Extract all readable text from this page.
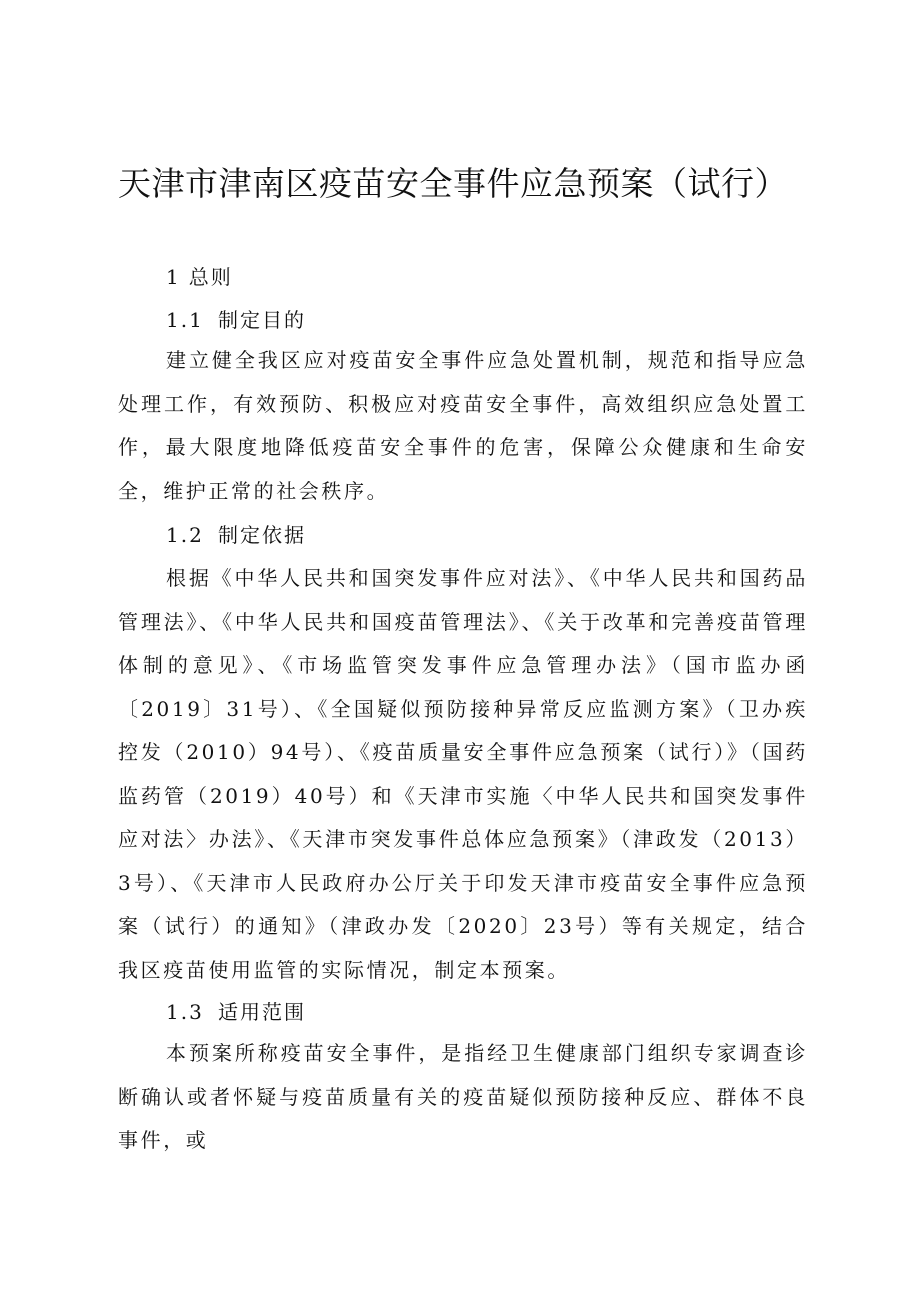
天津市津南区疫苗安全事件应急预案（试行）
1 总则
1.1 制定目的

建立健全我区应对疫苗安全事件应急处置机制，规范和指导应急处理工作，有效预防、积极应对疫苗安全事件，高效组织应急处置工作，最大限度地降低疫苗安全事件的危害，保障公众健康和生命安全，维护正常的社会秩序。

1.2 制定依据

根据《中华人民共和国突发事件应对法》、《中华人民共和国药品管理法》、《中华人民共和国疫苗管理法》、《关于改革和完善疫苗管理体制的意见》、《市场监管突发事件应急管理办法》（国市监办函〔2019〕31号）、《全国疑似预防接种异常反应监测方案》（卫办疾控发（2010）94号）、《疫苗质量安全事件应急预案（试行）》（国药监药管（2019）40号）和《天津市实施〈中华人民共和国突发事件应对法〉办法》、《天津市突发事件总体应急预案》（津政发（2013）3号）、《天津市人民政府办公厅关于印发天津市疫苗安全事件应急预案（试行）的通知》（津政办发〔2020〕23号）等有关规定，结合我区疫苗使用监管的实际情况，制定本预案。

1.3 适用范围

本预案所称疫苗安全事件，是指经卫生健康部门组织专家调查诊断确认或者怀疑与疫苗质量有关的疫苗疑似预防接种反应、群体不良事件，或
